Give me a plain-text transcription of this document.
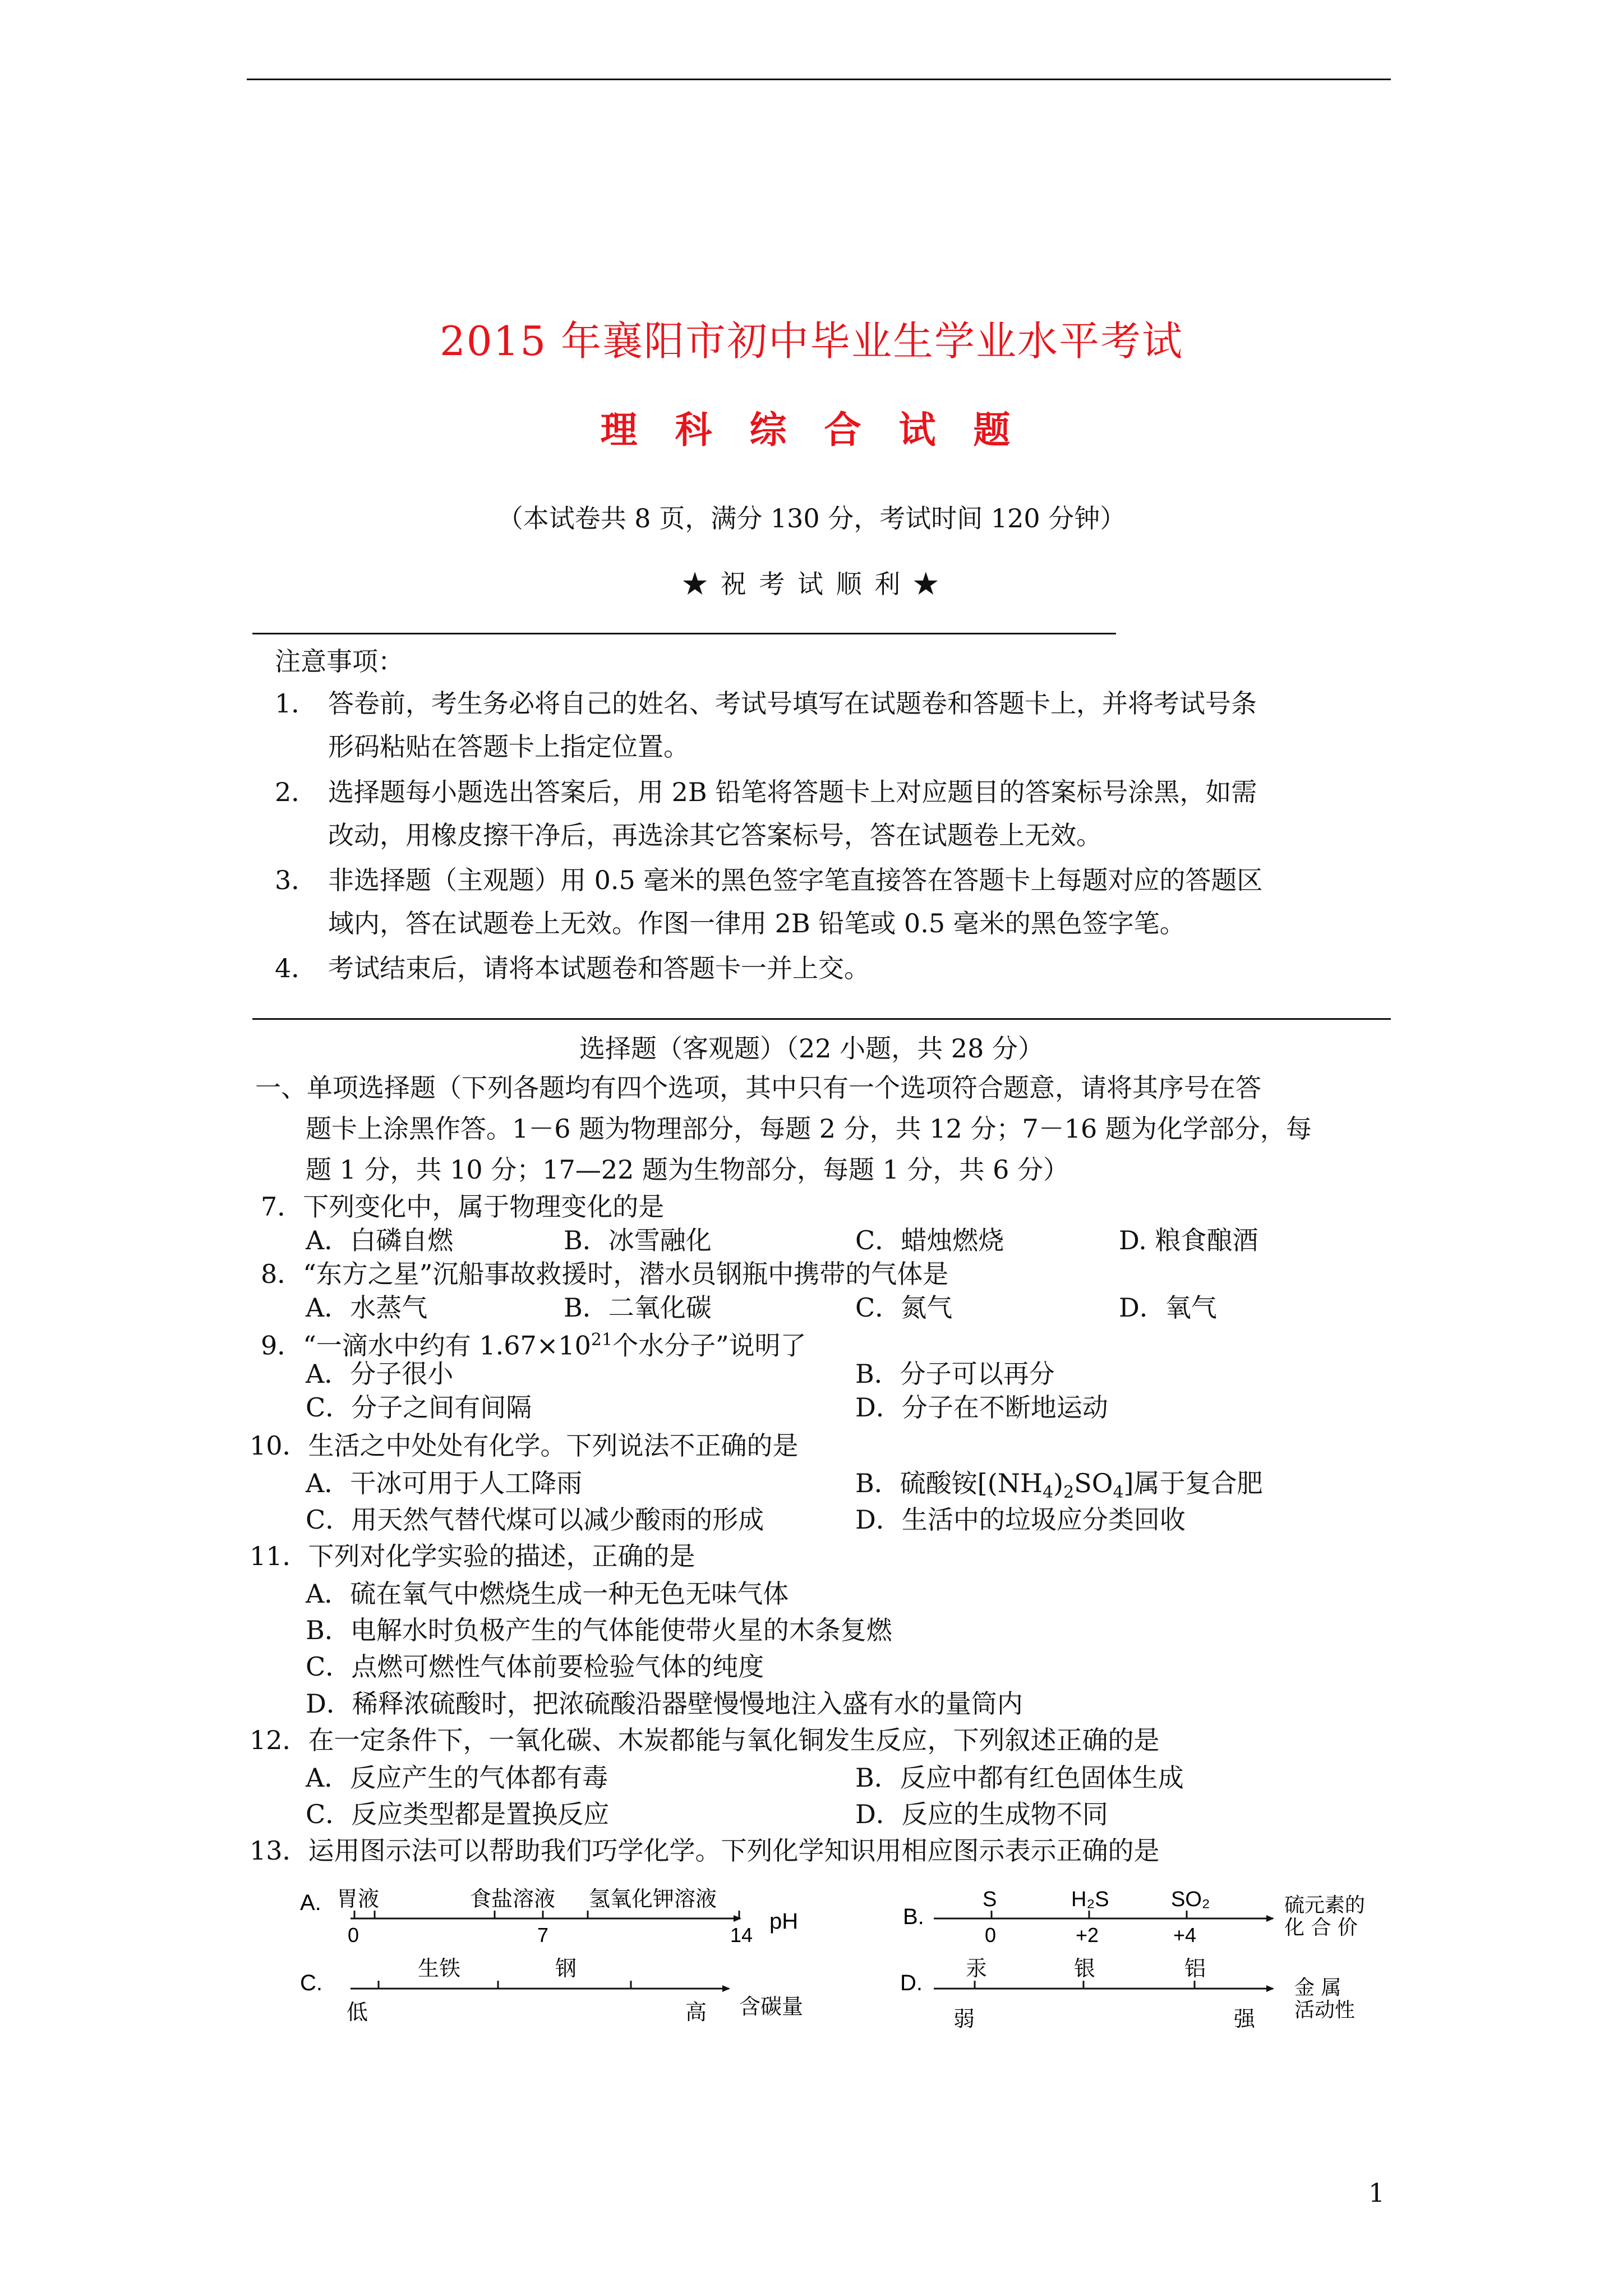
2015 年襄阳市初中毕业生学业水平考试
理 科 综 合 试 题
（本试卷共 8 页，满分 130 分，考试时间 120 分钟）
★ 祝 考 试 顺 利 ★
注意事项：
1． 答卷前，考生务必将自己的姓名、考试号填写在试题卷和答题卡上，并将考试号条
形码粘贴在答题卡上指定位置。
2． 选择题每小题选出答案后，用 2B 铅笔将答题卡上对应题目的答案标号涂黑，如需
改动，用橡皮擦干净后，再选涂其它答案标号，答在试题卷上无效。
3． 非选择题（主观题）用 0.5 毫米的黑色签字笔直接答在答题卡上每题对应的答题区
域内，答在试题卷上无效。作图一律用 2B 铅笔或 0.5 毫米的黑色签字笔。
4． 考试结束后，请将本试题卷和答题卡一并上交。
选择题（客观题）（22 小题，共 28 分）
一、单项选择题（下列各题均有四个选项，其中只有一个选项符合题意，请将其序号在答
题卡上涂黑作答。1－6 题为物理部分，每题 2 分，共 12 分；7－16 题为化学部分，每
题 1 分，共 10 分；17—22 题为生物部分，每题 1 分，共 6 分）
7．下列变化中，属于物理变化的是
A．白磷自燃	B．冰雪融化	C．蜡烛燃烧	D. 粮食酿酒
8．“东方之星”沉船事故救援时，潜水员钢瓶中携带的气体是
A．水蒸气	B．二氧化碳	C．氮气	D．氧气
9．“一滴水中约有 $1.67\times 10^{21}$个水分子”说明了
A．分子很小	B．分子可以再分
C．分子之间有间隔	D．分子在不断地运动
10．生活之中处处有化学。下列说法不正确的是
A．干冰可用于人工降雨	B．硫酸铵$[(NH_4)_2SO_4]$属于复合肥
C．用天然气替代煤可以减少酸雨的形成	D．生活中的垃圾应分类回收
11．下列对化学实验的描述，正确的是
A．硫在氧气中燃烧生成一种无色无味气体
B．电解水时负极产生的气体能使带火星的木条复燃
C．点燃可燃性气体前要检验气体的纯度
D．稀释浓硫酸时，把浓硫酸沿器壁慢慢地注入盛有水的量筒内
12．在一定条件下，一氧化碳、木炭都能与氧化铜发生反应，下列叙述正确的是
A．反应产生的气体都有毒	B．反应中都有红色固体生成
C．反应类型都是置换反应	D．反应的生成物不同
13．运用图示法可以帮助我们巧学化学。下列化学知识用相应图示表示正确的是
A. 胃液	食盐溶液 氢氧化钾溶液
0	7	14
pH	B.
S	H₂S	SO₂
0	+2	+4
硫元素的
化 合 价
C.
生铁	钢
低	高 含碳量
D.
汞	银	铝
弱	强
金 属
活动性
1
